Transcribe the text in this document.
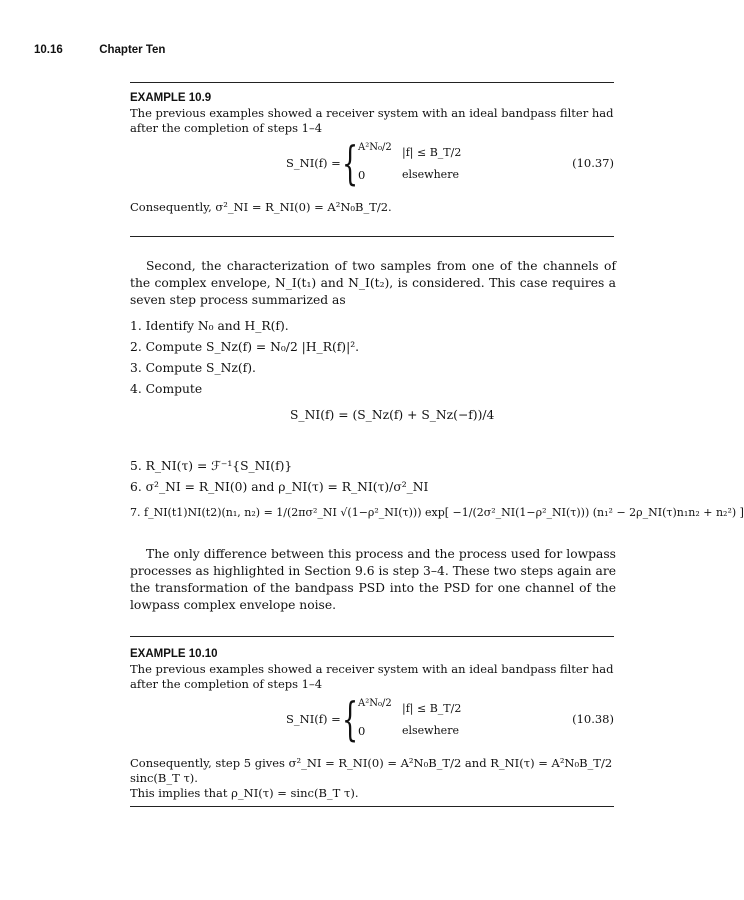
10.16	Chapter Ten
EXAMPLE 10.9
The previous examples showed a receiver system with an ideal bandpass filter had after the completion of steps 1–4
S_NI(f) = { A²N₀/2 |f| ≤ B_T/2
0	elsewhere
(10.37)
Consequently, σ²_NI = R_NI(0) = A²N₀B_T/2.

Second, the characterization of two samples from one of the channels of the complex envelope, N_I(t₁) and N_I(t₂), is considered. This case requires a seven step process summarized as

1. Identify N₀ and H_R(f).
2. Compute S_Nz(f) = N₀/2 |H_R(f)|².
3. Compute S_Nz(f).
4. Compute
S_NI(f) = (S_Nz(f) + S_Nz(−f))/4
5. R_NI(τ) = ℱ⁻¹{S_NI(f)}
6. σ²_NI = R_NI(0) and ρ_NI(τ) = R_NI(τ)/σ²_NI
7. f_NI(t1)NI(t2)(n₁, n₂) = 1/(2πσ²_NI √(1−ρ²_NI(τ))) exp[ −1/(2σ²_NI(1−ρ²_NI(τ))) (n₁² − 2ρ_NI(τ)n₁n₂ + n₂²) ]

The only difference between this process and the process used for lowpass processes as highlighted in Section 9.6 is step 3–4. These two steps again are the transformation of the bandpass PSD into the PSD for one channel of the lowpass complex envelope noise.

EXAMPLE 10.10
The previous examples showed a receiver system with an ideal bandpass filter had after the completion of steps 1–4
S_NI(f) = { A²N₀/2 |f| ≤ B_T/2
0	elsewhere
(10.38)
Consequently, step 5 gives σ²_NI = R_NI(0) = A²N₀B_T/2 and R_NI(τ) = A²N₀B_T/2 sinc(B_T τ).
This implies that ρ_NI(τ) = sinc(B_T τ).
